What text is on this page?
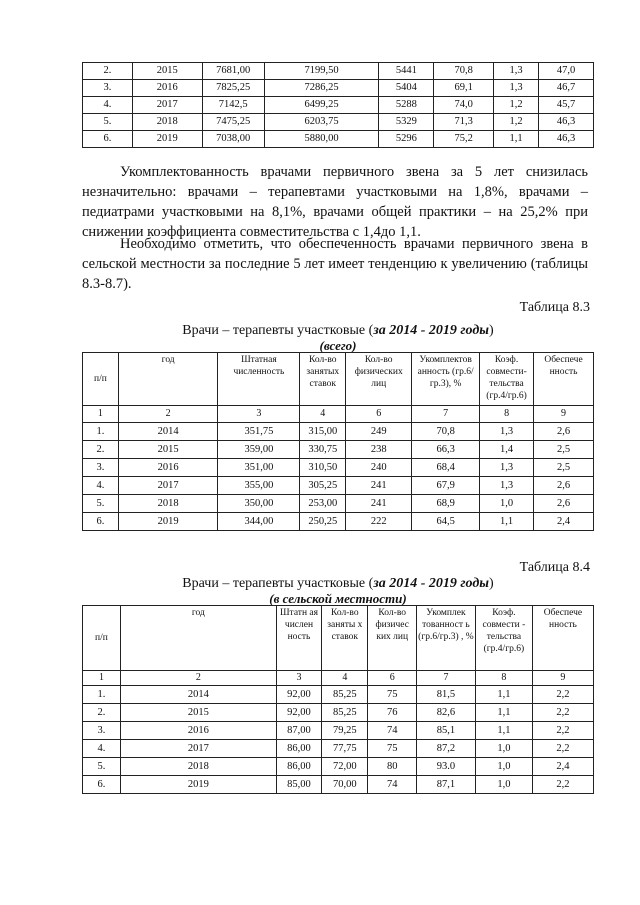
2.	2015	7681,00	7199,50	5441	70,8	1,3	47,0
3.	2016	7825,25	7286,25	5404	69,1	1,3	46,7
4.	2017	7142,5	6499,25	5288	74,0	1,2	45,7
5.	2018	7475,25	6203,75	5329	71,3	1,2	46,3
6.	2019	7038,00	5880,00	5296	75,2	1,1	46,3

Укомплектованность врачами первичного звена за 5 лет снизилась незначительно: врачами – терапевтами участковыми на 1,8%, врачами – педиатрами участковыми на 8,1%, врачами общей практики – на 25,2% при снижении коэффициента совместительства с 1,4до 1,1.

Необходимо отметить, что обеспеченность врачами первичного звена в сельской местности за последние 5 лет имеет тенденцию к увеличению (таблицы 8.3-8.7).

Таблица 8.3
Врачи – терапевты участковые (за 2014 - 2019 годы)
(всего)
п/п	год	Штатная численность	Кол-во занятых ставок	Кол-во физических лиц	Укомплектов анность (гр.6/гр.3), %	Коэф. совмести-тельства (гр.4/гр.6)	Обеспече нность
1	2	3	4	6	7	8	9
1.	2014	351,75	315,00	249	70,8	1,3	2,6
2.	2015	359,00	330,75	238	66,3	1,4	2,5
3.	2016	351,00	310,50	240	68,4	1,3	2,5
4.	2017	355,00	305,25	241	67,9	1,3	2,6
5.	2018	350,00	253,00	241	68,9	1,0	2,6
6.	2019	344,00	250,25	222	64,5	1,1	2,4
Таблица 8.4
Врачи – терапевты участковые (за 2014 - 2019 годы)
(в сельской местности)
п/п	год	Штатн ая числен ность	Кол-во заняты х ставок	Кол-во физичес ких лиц	Укомплек тованност ь (гр.6/гр.3) , %	Коэф. совмести - тельства (гр.4/гр.6)	Обеспече нность
1	2	3	4	6	7	8	9
1.	2014	92,00	85,25	75	81,5	1,1	2,2
2.	2015	92,00	85,25	76	82,6	1,1	2,2
3.	2016	87,00	79,25	74	85,1	1,1	2,2
4.	2017	86,00	77,75	75	87,2	1,0	2,2
5.	2018	86,00	72,00	80	93.0	1,0	2,4
6.	2019	85,00	70,00	74	87,1	1,0	2,2
